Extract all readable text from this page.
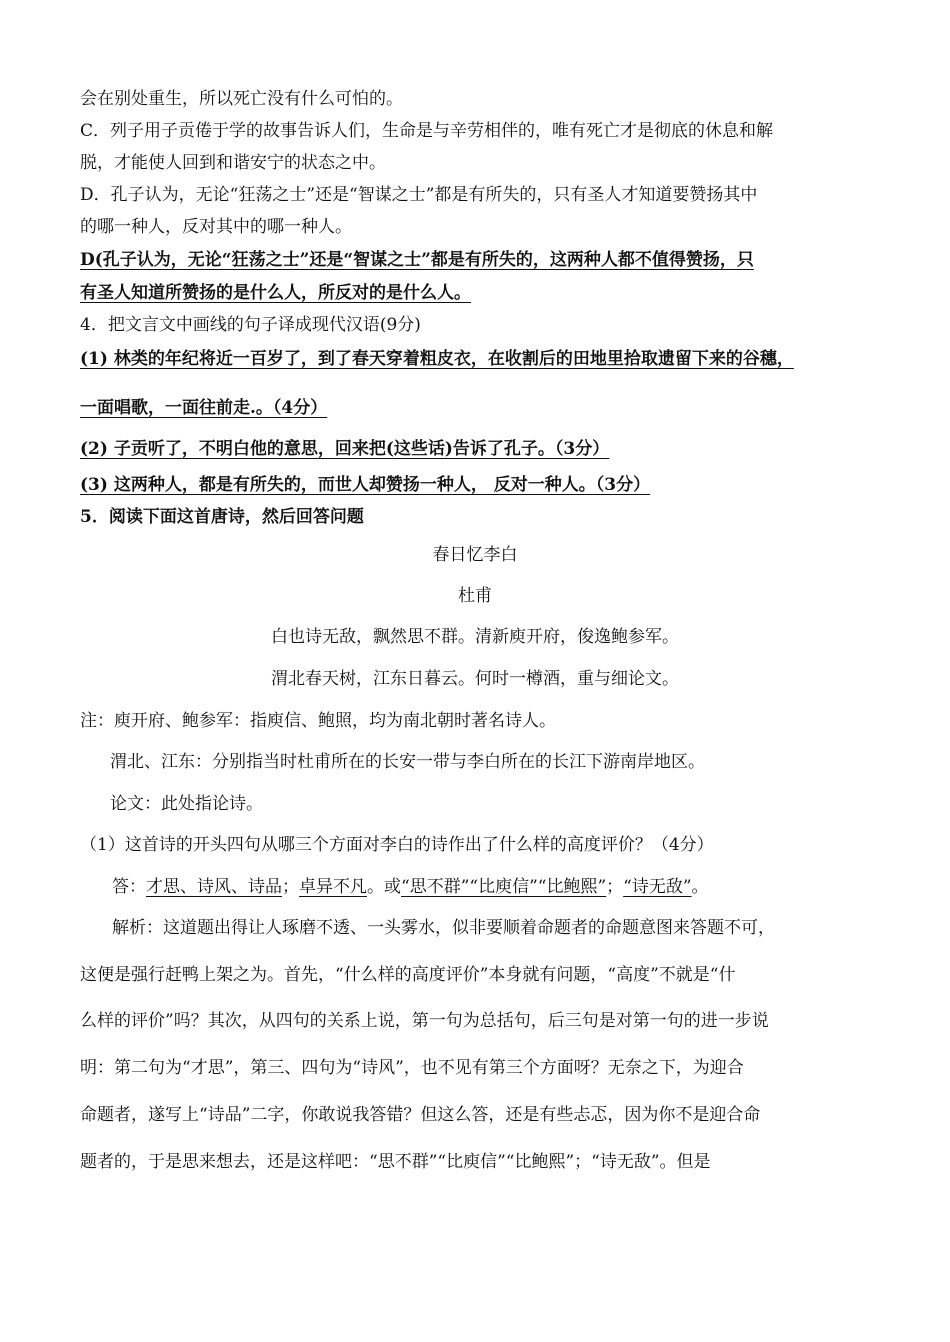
会在别处重生，所以死亡没有什么可怕的。
C．列子用子贡倦于学的故事告诉人们，生命是与辛劳相伴的，唯有死亡才是彻底的休息和解
脱，才能使人回到和谐安宁的状态之中。
D．孔子认为，无论“狂荡之士”还是“智谋之士”都是有所失的，只有圣人才知道要赞扬其中
的哪一种人，反对其中的哪一种人。
D(孔子认为，无论“狂荡之士”还是“智谋之士”都是有所失的，这两种人都不值得赞扬，只
有圣人知道所赞扬的是什么人，所反对的是什么人。
4．把文言文中画线的句子译成现代汉语(9分)
(1) 林类的年纪将近一百岁了，到了春天穿着粗皮衣，在收割后的田地里拾取遗留下来的谷穗，
一面唱歌，一面往前走.。（4分）
(2) 子贡听了，不明白他的意思，回来把(这些话)告诉了孔子。（3分）
(3) 这两种人，都是有所失的，而世人却赞扬一种人， 反对一种人。（3分）
5．阅读下面这首唐诗，然后回答问题
春日忆李白
杜甫
白也诗无敌，飘然思不群。清新庾开府，俊逸鲍参军。
渭北春天树，江东日暮云。何时一樽酒，重与细论文。
注：庾开府、鲍参军：指庾信、鲍照，均为南北朝时著名诗人。
渭北、江东：分别指当时杜甫所在的长安一带与李白所在的长江下游南岸地区。
论文：此处指论诗。
（1）这首诗的开头四句从哪三个方面对李白的诗作出了什么样的高度评价？（4分）
答：才思、诗风、诗品；卓异不凡。或“思不群”“比庾信”“比鲍熙”；“诗无敌”。
解析：这道题出得让人琢磨不透、一头雾水，似非要顺着命题者的命题意图来答题不可，
这便是强行赶鸭上架之为。首先，“什么样的高度评价”本身就有问题，“高度”不就是“什
么样的评价”吗？其次，从四句的关系上说，第一句为总括句，后三句是对第一句的进一步说
明：第二句为“才思”，第三、四句为“诗风”，也不见有第三个方面呀？无奈之下，为迎合
命题者，遂写上“诗品”二字，你敢说我答错？但这么答，还是有些忐忑，因为你不是迎合命
题者的，于是思来想去，还是这样吧：“思不群”“比庾信”“比鲍熙”；“诗无敌”。但是
